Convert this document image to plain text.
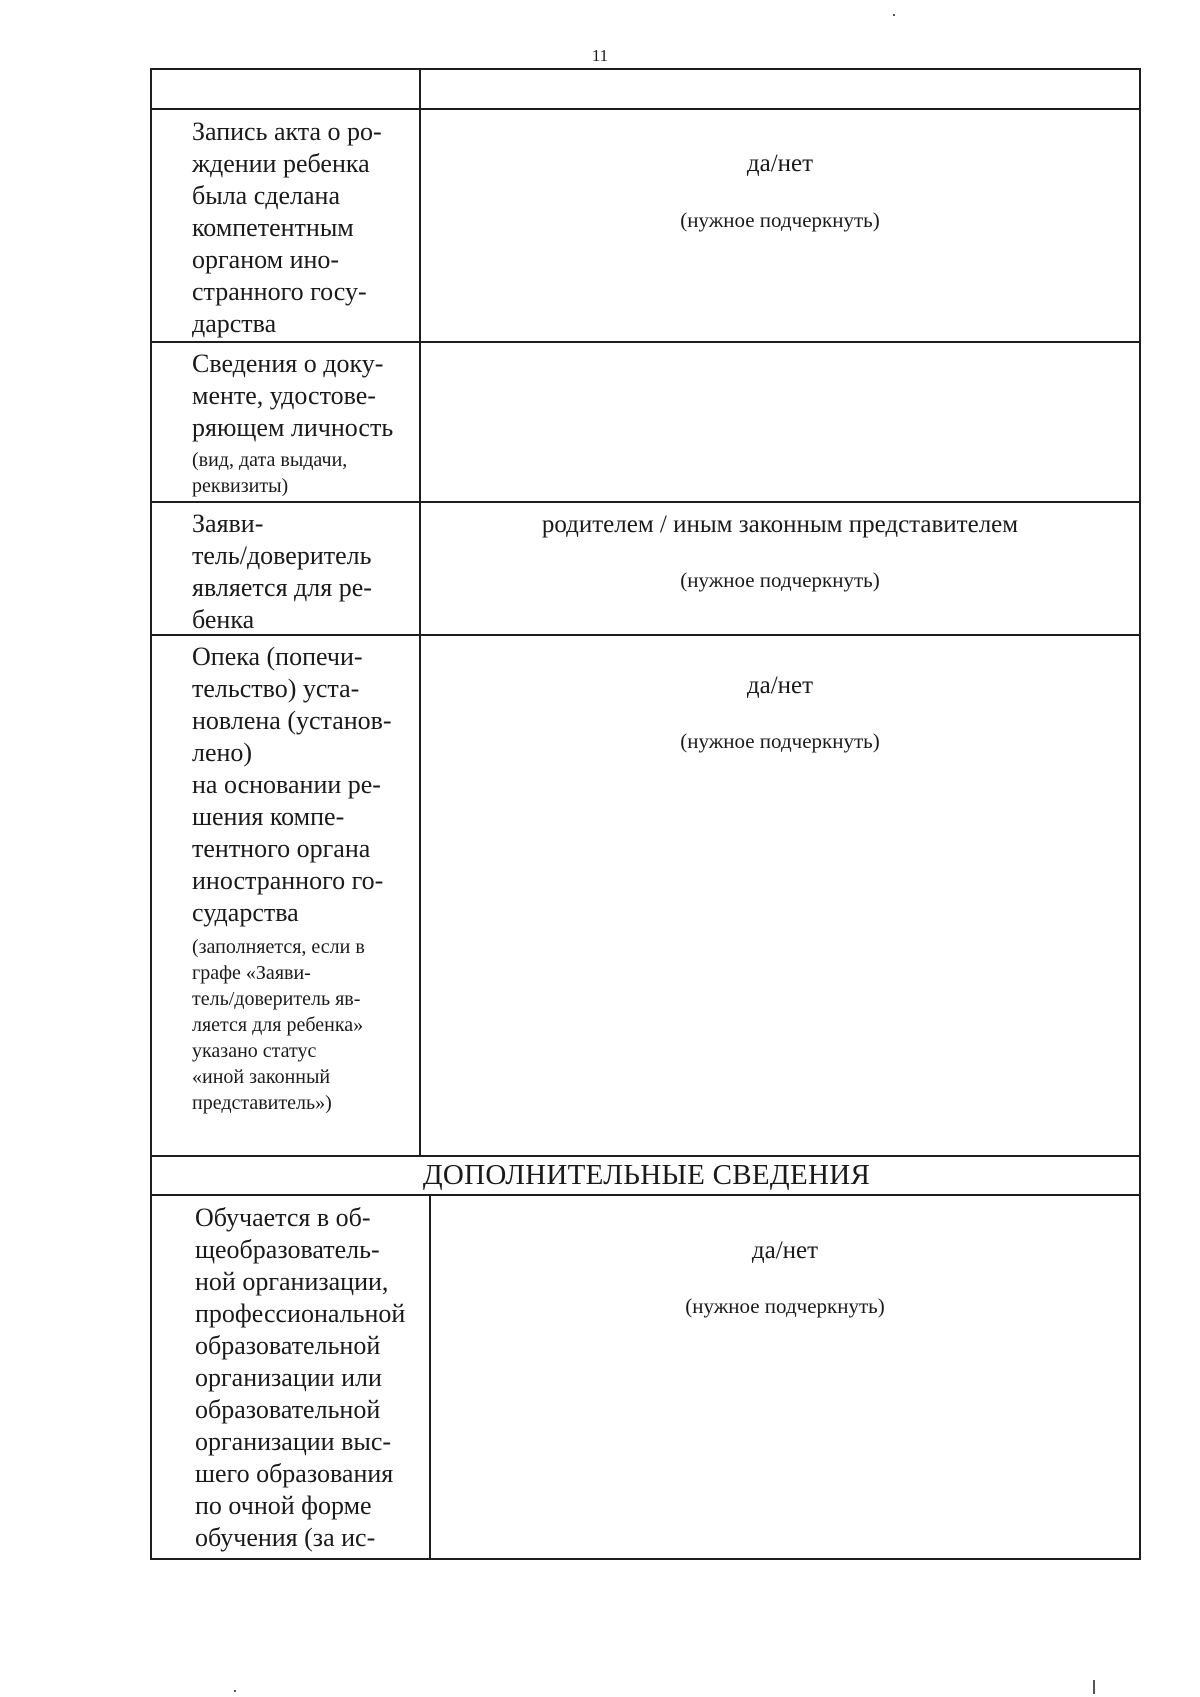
11
Запись акта о ро-
ждении ребенка
была сделана
компетентным
органом ино-
странного госу-
дарства
да/нет
(нужное подчеркнуть)
Сведения о доку-
менте, удостове-
ряющем личность
(вид, дата выдачи,
реквизиты)
Заяви-
тель/доверитель
является для ре-
бенка
родителем / иным законным представителем
(нужное подчеркнуть)
Опека (попечи-
тельство) уста-
новлена (установ-
лено)
на основании ре-
шения компе-
тентного органа
иностранного го-
сударства
(заполняется, если в
графе «Заяви-
тель/доверитель яв-
ляется для ребенка»
указано статус
«иной законный
представитель»)
да/нет
(нужное подчеркнуть)
ДОПОЛНИТЕЛЬНЫЕ СВЕДЕНИЯ
Обучается в об-
щеобразователь-
ной организации,
профессиональной
образовательной
организации или
образовательной
организации выс-
шего образования
по очной форме
обучения (за ис-
да/нет
(нужное подчеркнуть)
